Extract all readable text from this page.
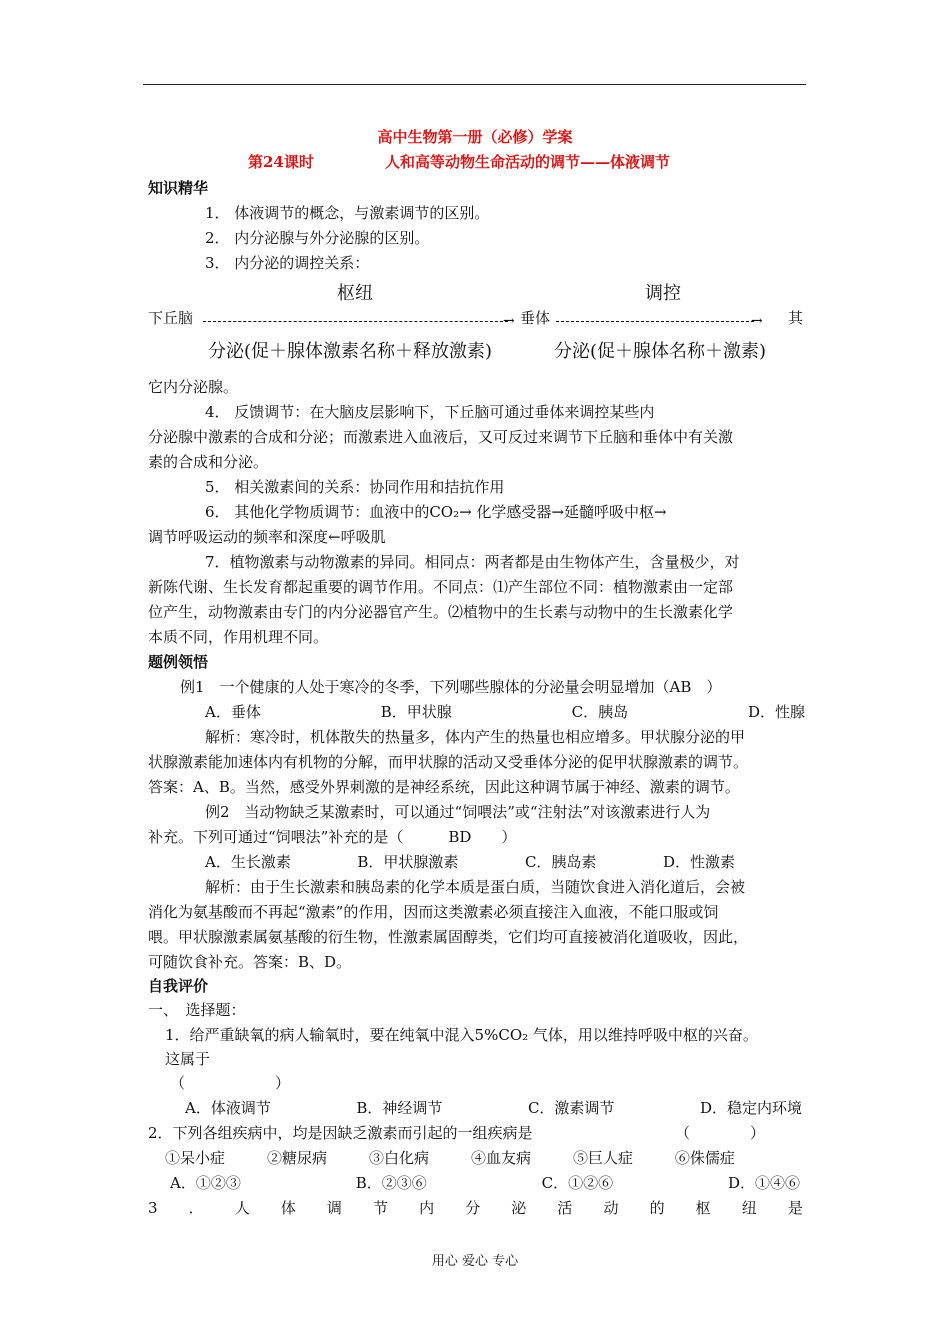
高中生物第一册（必修）学案
第24课时	人和高等动物生命活动的调节——体液调节
知识精华
1． 体液调节的概念，与激素调节的区别。
2． 内分泌腺与外分泌腺的区别。
3． 内分泌的调控关系：
枢纽	调控
下丘脑	→ 垂体	→ 其
分泌(促＋腺体激素名称＋释放激素)	分泌(促＋腺体名称＋激素)
它内分泌腺。
4． 反馈调节：在大脑皮层影响下，下丘脑可通过垂体来调控某些内
分泌腺中激素的合成和分泌；而激素进入血液后，又可反过来调节下丘脑和垂体中有关激
素的合成和分泌。
5． 相关激素间的关系：协同作用和拮抗作用
6． 其他化学物质调节：血液中的CO₂→ 化学感受器→延髓呼吸中枢→
调节呼吸运动的频率和深度←呼吸肌
7．植物激素与动物激素的异同。相同点：两者都是由生物体产生，含量极少，对
新陈代谢、生长发育都起重要的调节作用。不同点：⑴产生部位不同：植物激素由一定部
位产生，动物激素由专门的内分泌器官产生。⑵植物中的生长素与动物中的生长激素化学
本质不同，作用机理不同。
题例领悟
例1　一个健康的人处于寒冷的冬季，下列哪些腺体的分泌量会明显增加（AB　）
A．垂体	B．甲状腺	C．胰岛	D．性腺
解析：寒冷时，机体散失的热量多，体内产生的热量也相应增多。甲状腺分泌的甲
状腺激素能加速体内有机物的分解，而甲状腺的活动又受垂体分泌的促甲状腺激素的调节。
答案：A、B。当然，感受外界刺激的是神经系统，因此这种调节属于神经、激素的调节。
例2　当动物缺乏某激素时，可以通过“饲喂法”或“注射法”对该激素进行人为
补充。下列可通过“饲喂法”补充的是（　　　BD　　）
A．生长激素	B．甲状腺激素	C．胰岛素	D．性激素
解析：由于生长激素和胰岛素的化学本质是蛋白质，当随饮食进入消化道后，会被
消化为氨基酸而不再起“激素”的作用，因而这类激素必须直接注入血液，不能口服或饲
喂。甲状腺激素属氨基酸的衍生物，性激素属固醇类，它们均可直接被消化道吸收，因此，
可随饮食补充。答案：B、D。
自我评价
一、　选择题：
1．给严重缺氧的病人输氧时，要在纯氧中混入5%CO₂ 气体，用以维持呼吸中枢的兴奋。
这属于
（　　　　　　）
A．体液调节	B．神经调节	C．激素调节	D．稳定内环境
2．下列各组疾病中，均是因缺乏激素而引起的一组疾病是	（　　　　）
①呆小症	②糖尿病	③白化病	④血友病	⑤巨人症	⑥侏儒症
A．①②③	B．②③⑥	C．①②⑥	D．①④⑥
3 ． 人 体 调 节 内 分 泌 活 动 的 枢 纽 是
用心 爱心 专心
